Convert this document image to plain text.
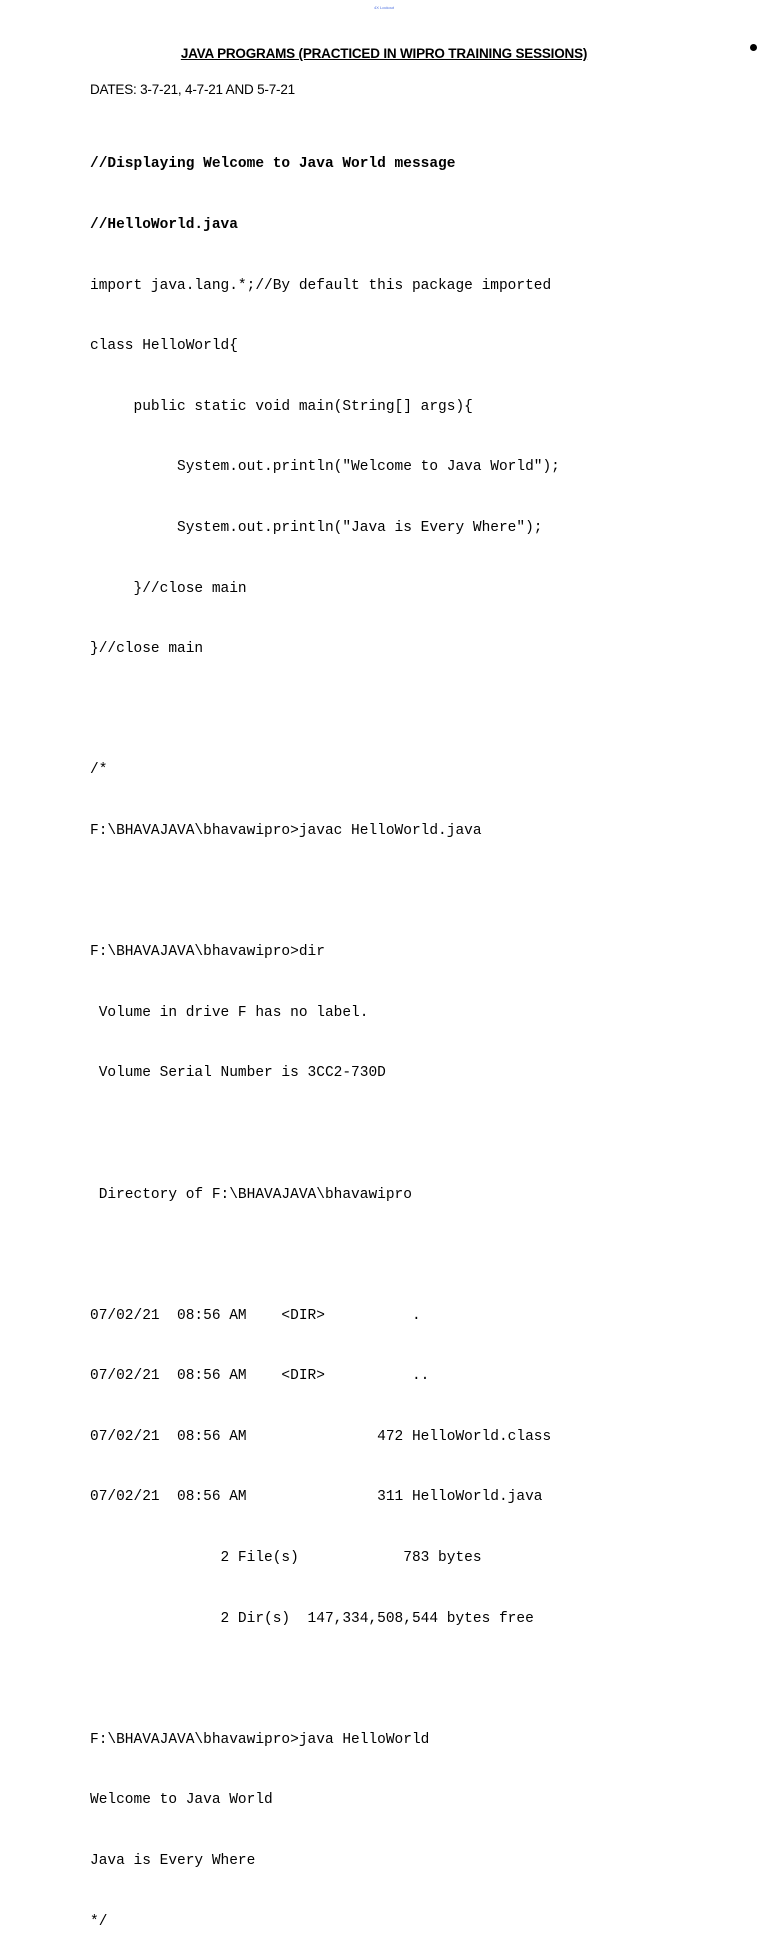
4X Lockout
JAVA PROGRAMS (PRACTICED IN WIPRO TRAINING SESSIONS)
DATES: 3-7-21, 4-7-21 AND 5-7-21

//Displaying Welcome to Java World message

//HelloWorld.java

import java.lang.*;//By default this package imported

class HelloWorld{

public static void main(String[] args){

System.out.println("Welcome to Java World");

System.out.println("Java is Every Where");

}//close main

}//close main

/*

F:\BHAVAJAVA\bhavawipro>javac HelloWorld.java

F:\BHAVAJAVA\bhavawipro>dir

Volume in drive F has no label.

Volume Serial Number is 3CC2-730D

Directory of F:\BHAVAJAVA\bhavawipro

07/02/21  08:56 AM    <DIR>          .

07/02/21  08:56 AM    <DIR>          ..

07/02/21  08:56 AM               472 HelloWorld.class

07/02/21  08:56 AM               311 HelloWorld.java

2 File(s)            783 bytes

2 Dir(s)  147,334,508,544 bytes free

F:\BHAVAJAVA\bhavawipro>java HelloWorld

Welcome to Java World

Java is Every Where

*/
